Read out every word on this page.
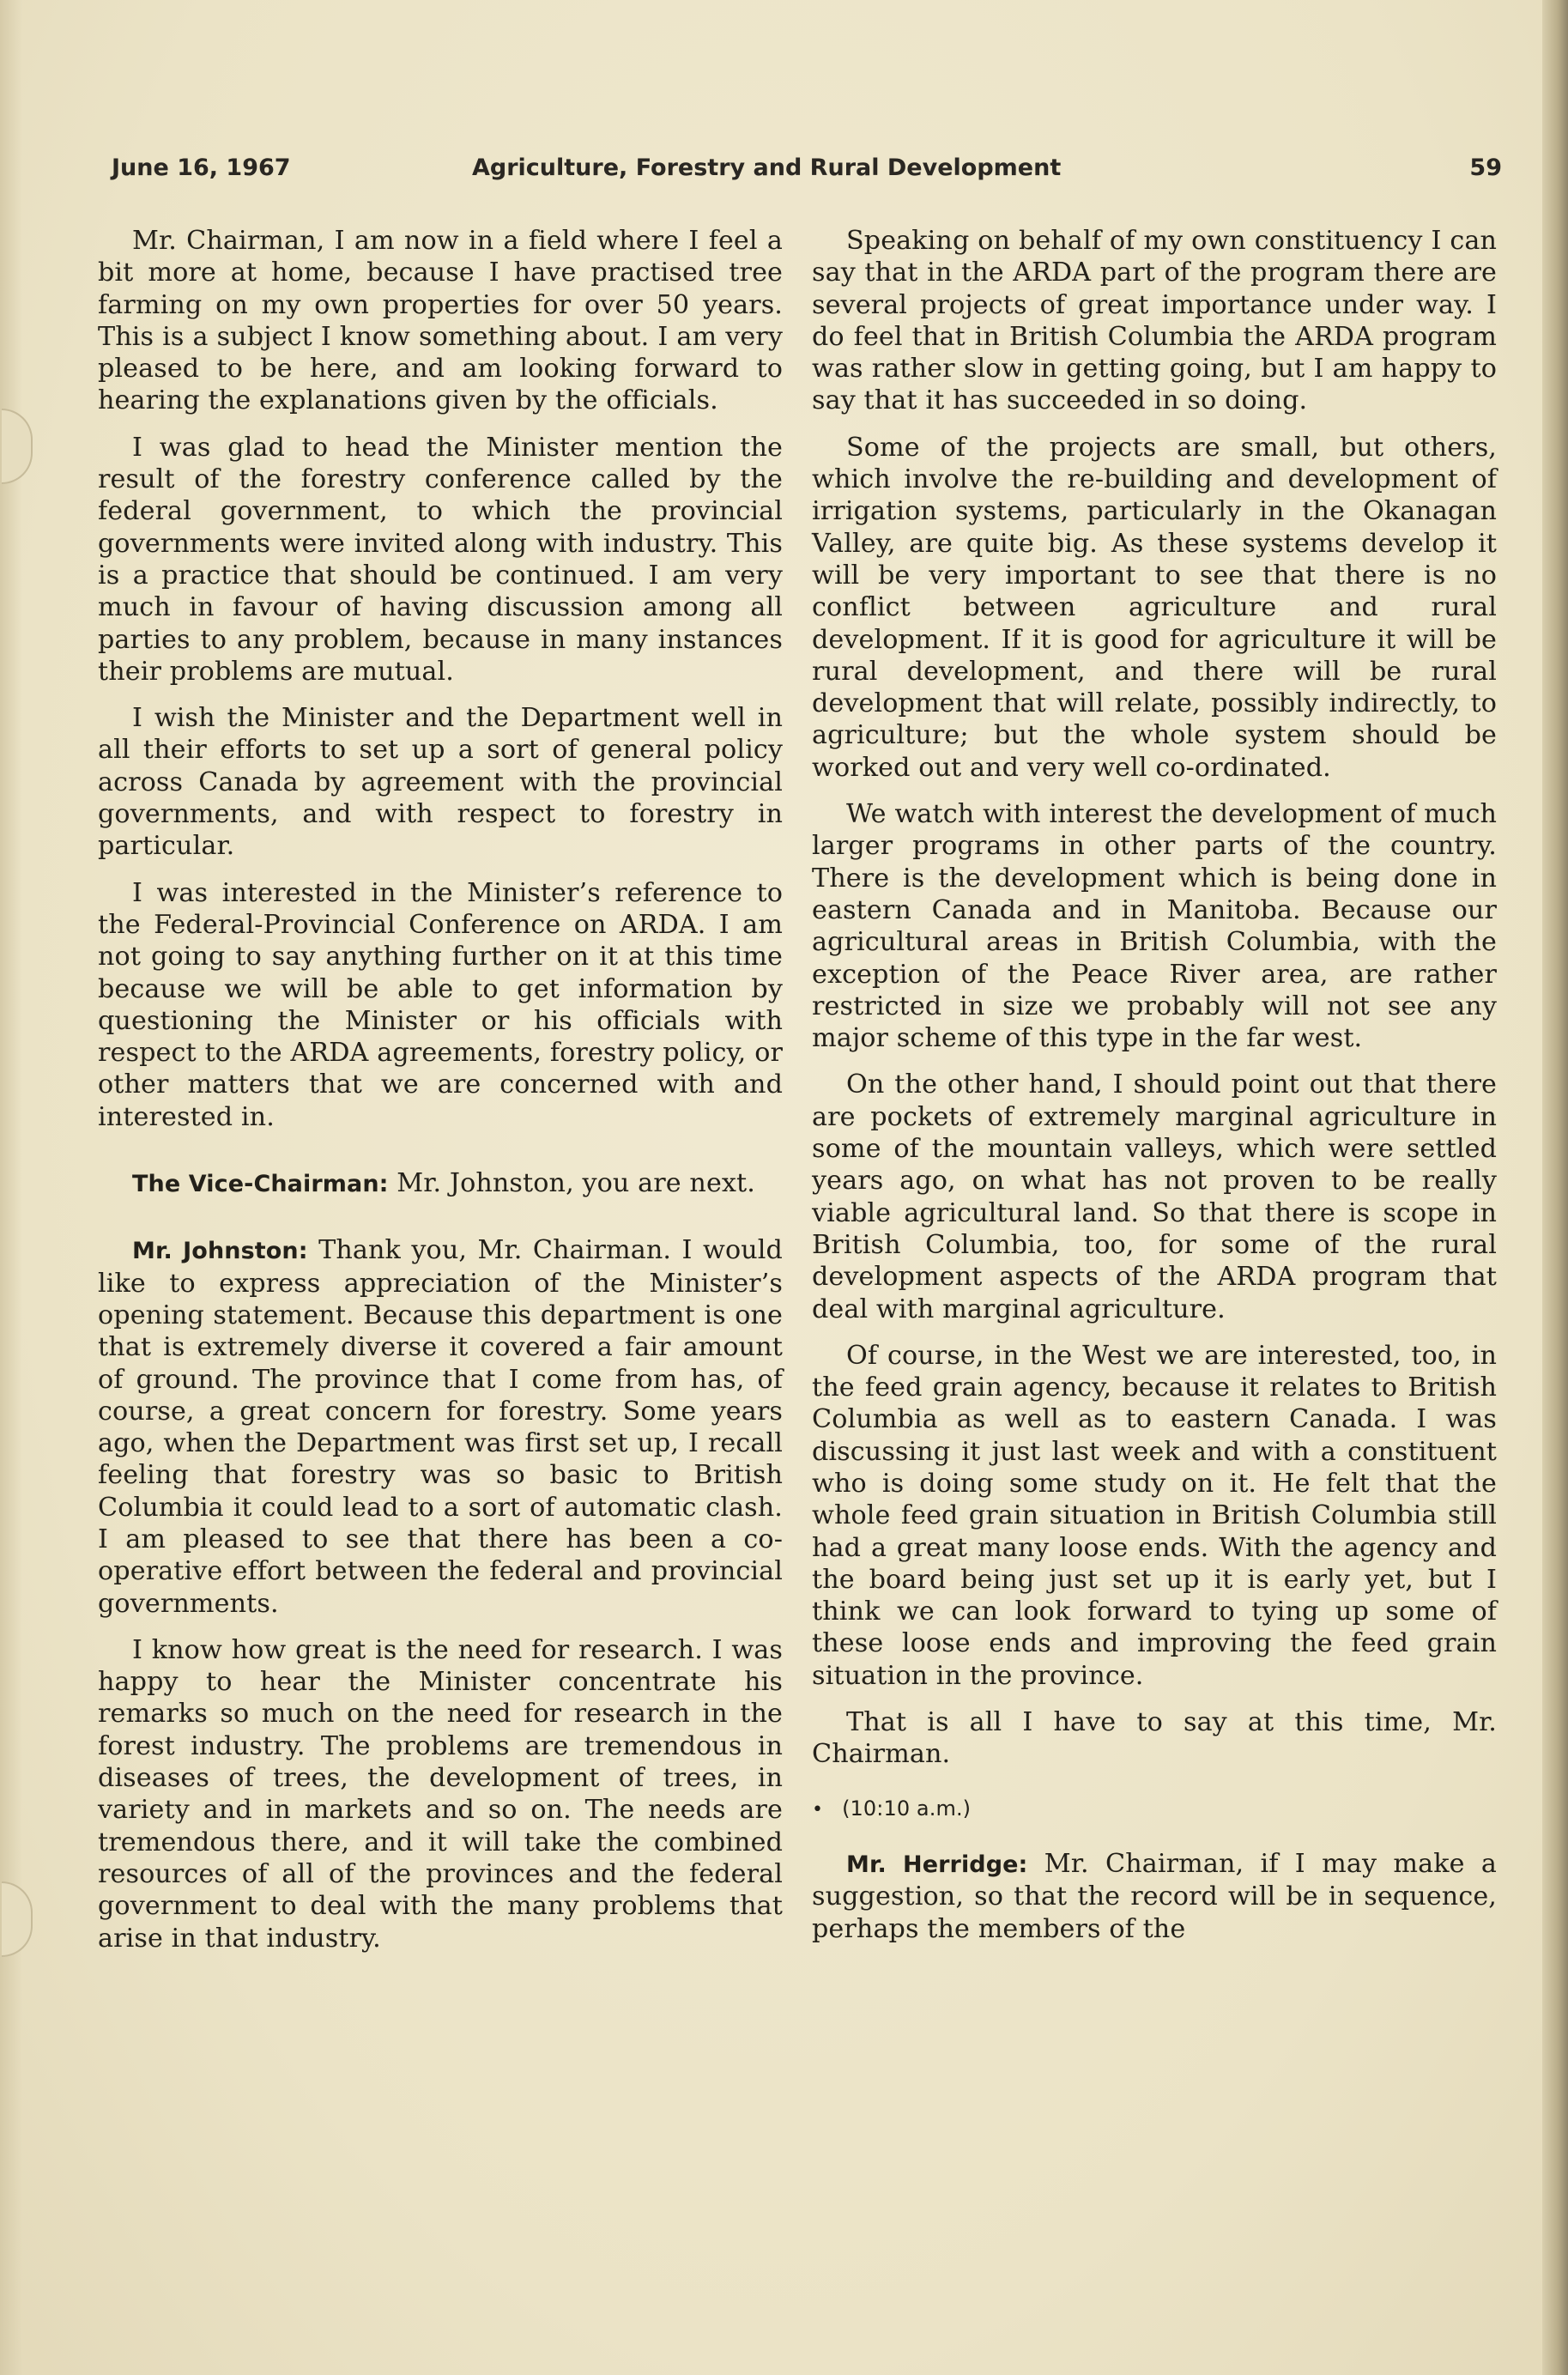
June 16, 1967	Agriculture, Forestry and Rural Development	59

Mr. Chairman, I am now in a field where I feel a bit more at home, because I have practised tree farming on my own properties for over 50 years. This is a subject I know something about. I am very pleased to be here, and am looking forward to hearing the explanations given by the officials.

I was glad to head the Minister mention the result of the forestry conference called by the federal government, to which the provincial governments were invited along with industry. This is a practice that should be continued. I am very much in favour of having discussion among all parties to any problem, because in many instances their problems are mutual.

I wish the Minister and the Department well in all their efforts to set up a sort of general policy across Canada by agreement with the provincial governments, and with respect to forestry in particular.

I was interested in the Minister’s reference to the Federal-Provincial Conference on ARDA. I am not going to say anything further on it at this time because we will be able to get information by questioning the Minister or his officials with respect to the ARDA agreements, forestry policy, or other matters that we are concerned with and interested in.

The Vice-Chairman: Mr. Johnston, you are next.

Mr. Johnston: Thank you, Mr. Chairman. I would like to express appreciation of the Minister’s opening statement. Because this department is one that is extremely diverse it covered a fair amount of ground. The province that I come from has, of course, a great concern for forestry. Some years ago, when the Department was first set up, I recall feeling that forestry was so basic to British Columbia it could lead to a sort of automatic clash. I am pleased to see that there has been a co-operative effort between the federal and provincial governments.

I know how great is the need for research. I was happy to hear the Minister concentrate his remarks so much on the need for research in the forest industry. The problems are tremendous in diseases of trees, the development of trees, in variety and in markets and so on. The needs are tremendous there, and it will take the combined resources of all of the provinces and the federal government to deal with the many problems that arise in that industry.

Speaking on behalf of my own constituency I can say that in the ARDA part of the program there are several projects of great importance under way. I do feel that in British Columbia the ARDA program was rather slow in getting going, but I am happy to say that it has succeeded in so doing.

Some of the projects are small, but others, which involve the re-building and development of irrigation systems, particularly in the Okanagan Valley, are quite big. As these systems develop it will be very important to see that there is no conflict between agriculture and rural development. If it is good for agriculture it will be rural development, and there will be rural development that will relate, possibly indirectly, to agriculture; but the whole system should be worked out and very well co-ordinated.

We watch with interest the development of much larger programs in other parts of the country. There is the development which is being done in eastern Canada and in Manitoba. Because our agricultural areas in British Columbia, with the exception of the Peace River area, are rather restricted in size we probably will not see any major scheme of this type in the far west.

On the other hand, I should point out that there are pockets of extremely marginal agriculture in some of the mountain valleys, which were settled years ago, on what has not proven to be really viable agricultural land. So that there is scope in British Columbia, too, for some of the rural development aspects of the ARDA program that deal with marginal agriculture.

Of course, in the West we are interested, too, in the feed grain agency, because it relates to British Columbia as well as to eastern Canada. I was discussing it just last week and with a constituent who is doing some study on it. He felt that the whole feed grain situation in British Columbia still had a great many loose ends. With the agency and the board being just set up it is early yet, but I think we can look forward to tying up some of these loose ends and improving the feed grain situation in the province.

That is all I have to say at this time, Mr. Chairman.

• (10:10 a.m.)

Mr. Herridge: Mr. Chairman, if I may make a suggestion, so that the record will be in sequence, perhaps the members of the
